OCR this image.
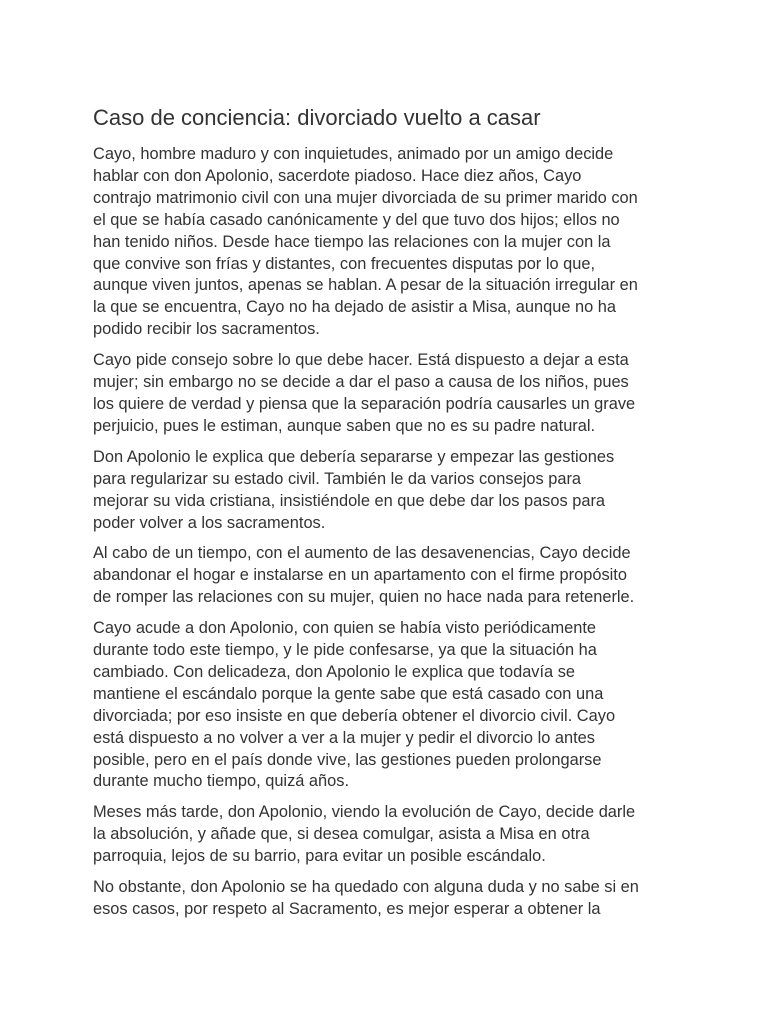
Caso de conciencia: divorciado vuelto a casar

Cayo, hombre maduro y con inquietudes, animado por un amigo decide
hablar con don Apolonio, sacerdote piadoso. Hace diez años, Cayo
contrajo matrimonio civil con una mujer divorciada de su primer marido con
el que se había casado canónicamente y del que tuvo dos hijos; ellos no
han tenido niños. Desde hace tiempo las relaciones con la mujer con la
que convive son frías y distantes, con frecuentes disputas por lo que,
aunque viven juntos, apenas se hablan. A pesar de la situación irregular en
la que se encuentra, Cayo no ha dejado de asistir a Misa, aunque no ha
podido recibir los sacramentos.

Cayo pide consejo sobre lo que debe hacer. Está dispuesto a dejar a esta
mujer; sin embargo no se decide a dar el paso a causa de los niños, pues
los quiere de verdad y piensa que la separación podría causarles un grave
perjuicio, pues le estiman, aunque saben que no es su padre natural.

Don Apolonio le explica que debería separarse y empezar las gestiones
para regularizar su estado civil. También le da varios consejos para
mejorar su vida cristiana, insistiéndole en que debe dar los pasos para
poder volver a los sacramentos.

Al cabo de un tiempo, con el aumento de las desavenencias, Cayo decide
abandonar el hogar e instalarse en un apartamento con el firme propósito
de romper las relaciones con su mujer, quien no hace nada para retenerle.

Cayo acude a don Apolonio, con quien se había visto periódicamente
durante todo este tiempo, y le pide confesarse, ya que la situación ha
cambiado. Con delicadeza, don Apolonio le explica que todavía se
mantiene el escándalo porque la gente sabe que está casado con una
divorciada; por eso insiste en que debería obtener el divorcio civil. Cayo
está dispuesto a no volver a ver a la mujer y pedir el divorcio lo antes
posible, pero en el país donde vive, las gestiones pueden prolongarse
durante mucho tiempo, quizá años.

Meses más tarde, don Apolonio, viendo la evolución de Cayo, decide darle
la absolución, y añade que, si desea comulgar, asista a Misa en otra
parroquia, lejos de su barrio, para evitar un posible escándalo.

No obstante, don Apolonio se ha quedado con alguna duda y no sabe si en
esos casos, por respeto al Sacramento, es mejor esperar a obtener la
